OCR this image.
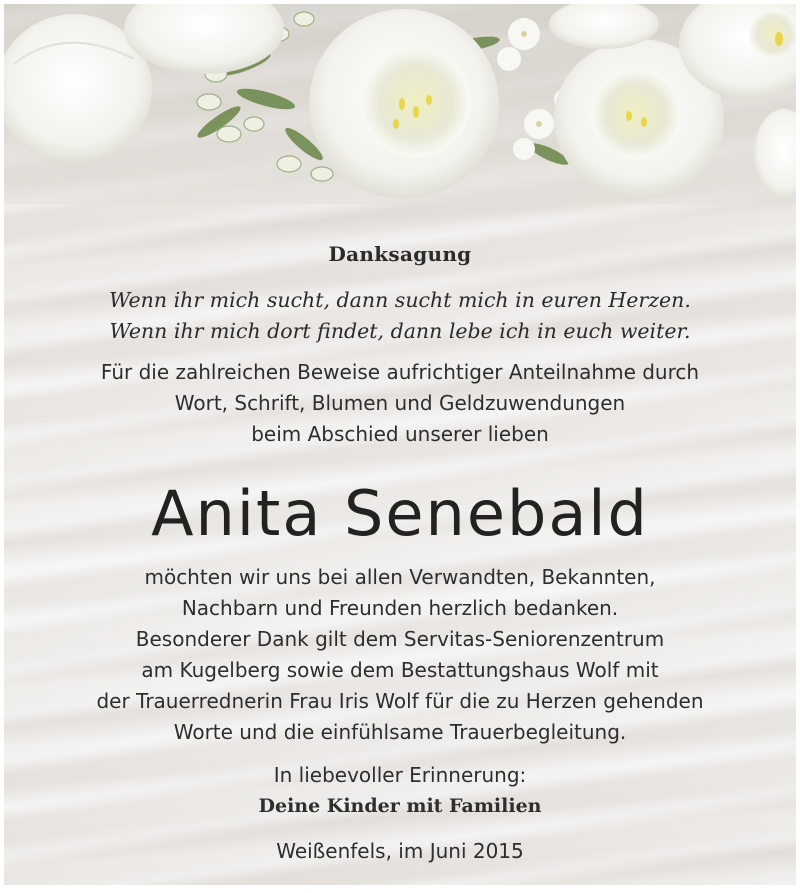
Danksagung
Wenn ihr mich sucht, dann sucht mich in euren Herzen.
Wenn ihr mich dort findet, dann lebe ich in euch weiter.
Für die zahlreichen Beweise aufrichtiger Anteilnahme durch
Wort, Schrift, Blumen und Geldzuwendungen
beim Abschied unserer lieben
Anita Senebald
möchten wir uns bei allen Verwandten, Bekannten,
Nachbarn und Freunden herzlich bedanken.
Besonderer Dank gilt dem Servitas-Seniorenzentrum
am Kugelberg sowie dem Bestattungshaus Wolf mit
der Trauerrednerin Frau Iris Wolf für die zu Herzen gehenden
Worte und die einfühlsame Trauerbegleitung.
In liebevoller Erinnerung:
Deine Kinder mit Familien
Weißenfels, im Juni 2015
